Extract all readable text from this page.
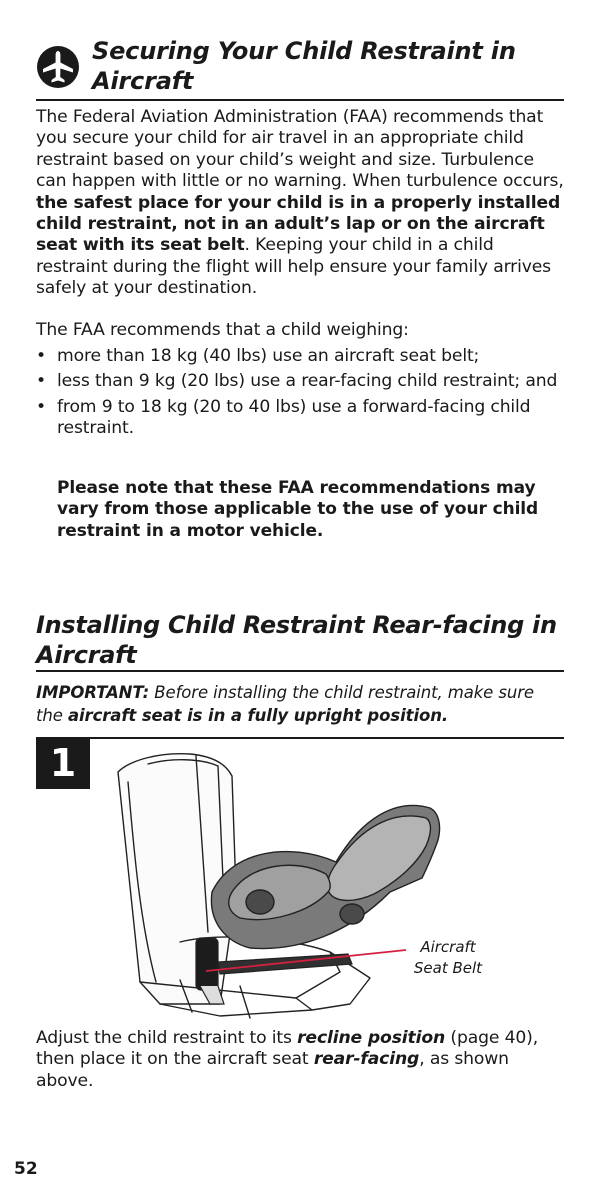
Securing Your Child Restraint in Aircraft

The Federal Aviation Administration (FAA) recommends that you secure your child for air travel in an appropriate child restraint based on your child’s weight and size. Turbulence can happen with little or no warning. When turbulence occurs, the safest place for your child is in a properly installed child restraint, not in an adult’s lap or on the aircraft seat with its seat belt. Keeping your child in a child restraint during the flight will help ensure your family arrives safely at your destination.

The FAA recommends that a child weighing:

• more than 18 kg (40 lbs) use an aircraft seat belt;
• less than 9 kg (20 lbs) use a rear-facing child restraint; and
• from 9 to 18 kg (20 to 40 lbs) use a forward-facing child restraint.

Please note that these FAA recommendations may vary from those applicable to the use of your child restraint in a motor vehicle.

Installing Child Restraint Rear-facing in Aircraft

IMPORTANT: Before installing the child restraint, make sure the aircraft seat is in a fully upright position.

1
Aircraft
Seat Belt

Adjust the child restraint to its recline position (page 40), then place it on the aircraft seat rear-facing, as shown above.

52
